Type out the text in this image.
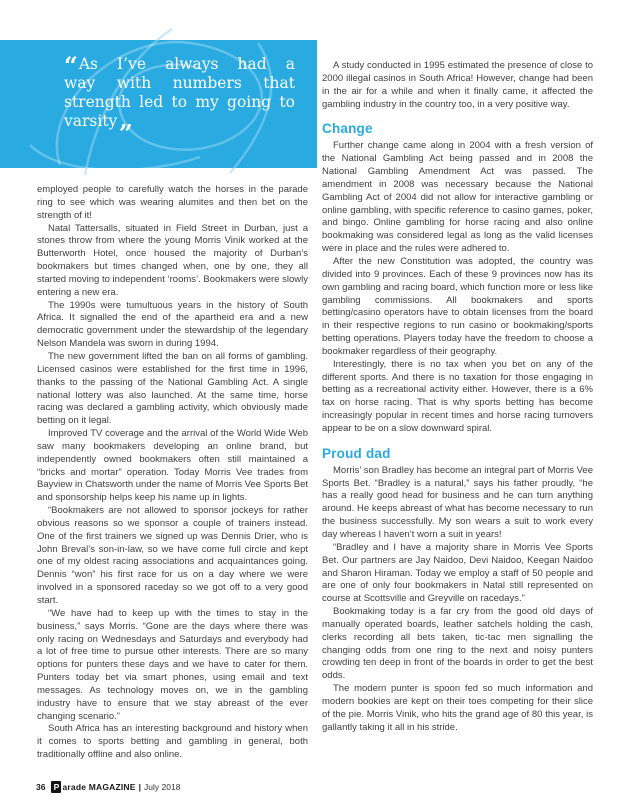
“ As I’ve always had a
way with numbers that
strength led to my going to
varsity„

employed people to carefully watch the horses in the parade ring to see which was wearing alumites and then bet on the strength of it!

Natal Tattersalls, situated in Field Street in Durban, just a stones throw from where the young Morris Vinik worked at the Butterworth Hotel, once housed the majority of Durban’s bookmakers but times changed when, one by one, they all started moving to independent ‘rooms’. Bookmakers were slowly entering a new era.

The 1990s were tumultuous years in the history of South Africa. It signalled the end of the apartheid era and a new democratic government under the stewardship of the legendary Nelson Mandela was sworn in during 1994.

The new government lifted the ban on all forms of gambling. Licensed casinos were established for the first time in 1996, thanks to the passing of the National Gambling Act. A single national lottery was also launched. At the same time, horse racing was declared a gambling activity, which obviously made betting on it legal.

Improved TV coverage and the arrival of the World Wide Web saw many bookmakers developing an online brand, but independently owned bookmakers often still maintained a “bricks and mortar” operation. Today Morris Vee trades from Bayview in Chatsworth under the name of Morris Vee Sports Bet and sponsorship helps keep his name up in lights.

“Bookmakers are not allowed to sponsor jockeys for rather obvious reasons so we sponsor a couple of trainers instead. One of the first trainers we signed up was Dennis Drier, who is John Breval’s son-in-law, so we have come full circle and kept one of my oldest racing associations and acquaintances going. Dennis “won” his first race for us on a day where we were involved in a sponsored raceday so we got off to a very good start.

“We have had to keep up with the times to stay in the business,” says Morris. “Gone are the days where there was only racing on Wednesdays and Saturdays and everybody had a lot of free time to pursue other interests. There are so many options for punters these days and we have to cater for them. Punters today bet via smart phones, using email and text messages. As technology moves on, we in the gambling industry have to ensure that we stay abreast of the ever changing scenario.”

South Africa has an interesting background and history when it comes to sports betting and gambling in general, both traditionally offline and also online.

A study conducted in 1995 estimated the presence of close to 2000 illegal casinos in South Africa! However, change had been in the air for a while and when it finally came, it affected the gambling industry in the country too, in a very positive way.

Change

Further change came along in 2004 with a fresh version of the National Gambling Act being passed and in 2008 the National Gambling Amendment Act was passed. The amendment in 2008 was necessary because the National Gambling Act of 2004 did not allow for interactive gambling or online gambling, with specific reference to casino games, poker, and bingo. Online gambling for horse racing and also online bookmaking was considered legal as long as the valid licenses were in place and the rules were adhered to.

After the new Constitution was adopted, the country was divided into 9 provinces. Each of these 9 provinces now has its own gambling and racing board, which function more or less like gambling commissions. All bookmakers and sports betting/casino operators have to obtain licenses from the board in their respective regions to run casino or bookmaking/sports betting operations. Players today have the freedom to choose a bookmaker regardless of their geography.

Interestingly, there is no tax when you bet on any of the different sports. And there is no taxation for those engaging in betting as a recreational activity either. However, there is a 6% tax on horse racing. That is why sports betting has become increasingly popular in recent times and horse racing turnovers appear to be on a slow downward spiral.

Proud dad

Morris’ son Bradley has become an integral part of Morris Vee Sports Bet. “Bradley is a natural,” says his father proudly, “he has a really good head for business and he can turn anything around. He keeps abreast of what has become necessary to run the business successfully. My son wears a suit to work every day whereas I haven’t worn a suit in years!

“Bradley and I have a majority share in Morris Vee Sports Bet. Our partners are Jay Naidoo, Devi Naidoo, Keegan Naidoo and Sharon Hiraman. Today we employ a staff of 50 people and are one of only four bookmakers in Natal still represented on course at Scottsville and Greyville on racedays.”

Bookmaking today is a far cry from the good old days of manually operated boards, leather satchels holding the cash, clerks recording all bets taken, tic-tac men signalling the changing odds from one ring to the next and noisy punters crowding ten deep in front of the boards in order to get the best odds.

The modern punter is spoon fed so much information and modern bookies are kept on their toes competing for their slice of the pie. Morris Vinik, who hits the grand age of 80 this year, is gallantly taking it all in his stride.

36 P arade MAGAZINE | July 2018
